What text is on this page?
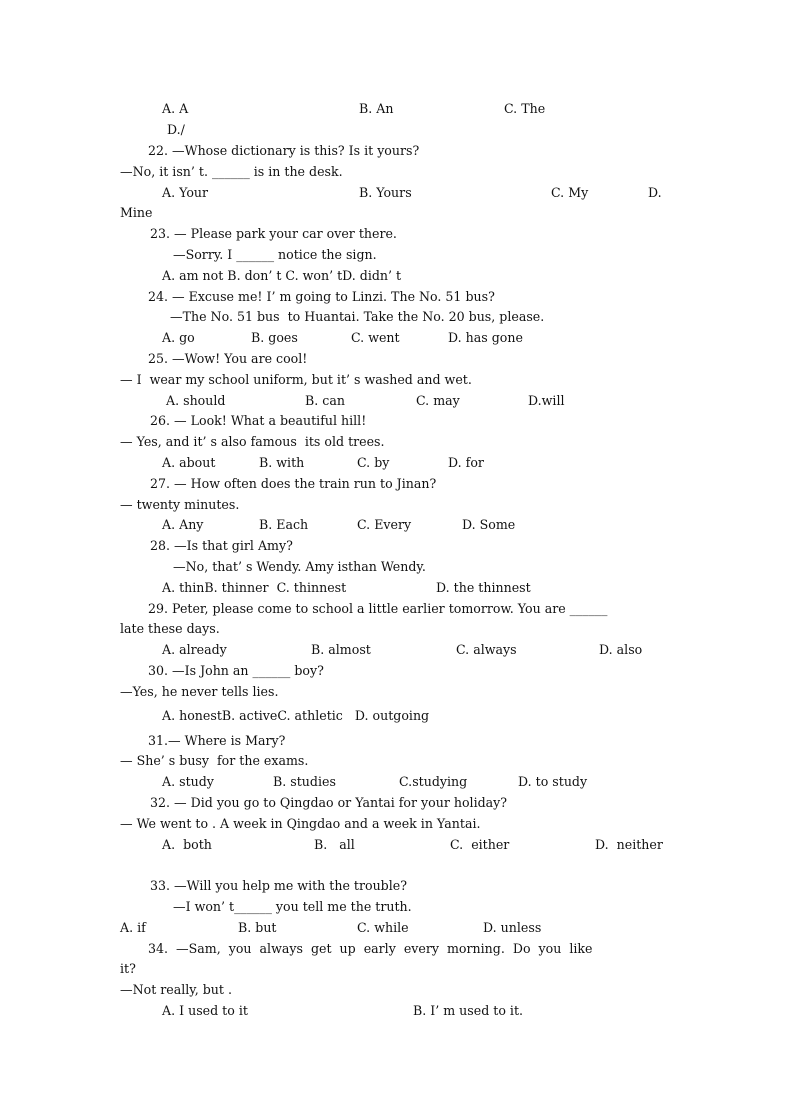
A. A	B. An	C. The
D./
22. —Whose dictionary is this? Is it yours?
—No, it isn’ t. ______ is in the desk.
A. Your	B. Yours	C. My	D.
Mine
23. — Please park your car over there.
—Sorry. I ______ notice the sign.
A. am not B. don’ t C. won’ tD. didn’ t
24. — Excuse me! I’ m going to Linzi. The No. 51 bus?
—The No. 51 bus  to Huantai. Take the No. 20 bus, please.
A. go	B. goes	C. went	D. has gone
25. —Wow! You are cool!
— I  wear my school uniform, but it’ s washed and wet.
A. should	B. can	C. may	D.will
26. — Look! What a beautiful hill!
— Yes, and it’ s also famous  its old trees.
A. about	B. with	C. by	D. for
27. — How often does the train run to Jinan?
— twenty minutes.
A. Any	B. Each	C. Every	D. Some
28. —Is that girl Amy?
—No, that’ s Wendy. Amy isthan Wendy.
A. thinB. thinner  C. thinnest	D. the thinnest
29. Peter, please come to school a little earlier tomorrow. You are ______
late these days.
A. already	B. almost	C. always	D. also
30. —Is John an ______ boy?
—Yes, he never tells lies.
A. honestB. activeC. athletic   D. outgoing
31.— Where is Mary?
— She’ s busy  for the exams.
A. study	B. studies	C.studying	D. to study
32. — Did you go to Qingdao or Yantai for your holiday?
— We went to . A week in Qingdao and a week in Yantai.
A.  both	B.   all	C.  either	D.  neither
33. —Will you help me with the trouble?
—I won’ t______ you tell me the truth.
A. if	B. but	C. while	D. unless
34.  —Sam,  you  always  get  up  early  every  morning.  Do  you  like
it?
—Not really, but .
A. I used to it	B. I’ m used to it.
